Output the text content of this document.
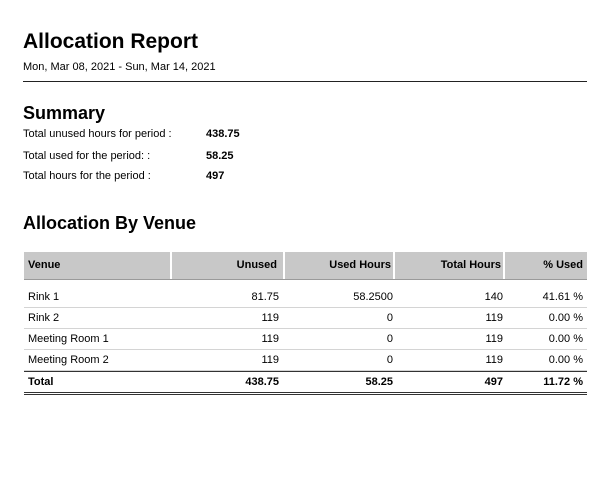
Allocation Report
Mon, Mar 08, 2021 - Sun, Mar 14, 2021
Summary
Total unused hours for period :	438.75
Total used for the period: :	58.25
Total hours for the period :	497
Allocation By Venue
Venue	Unused	Used Hours	Total Hours	% Used
Rink 1	81.75	58.2500	140	41.61 %
Rink 2	119	0	119	0.00 %
Meeting Room 1	119	0	119	0.00 %
Meeting Room 2	119	0	119	0.00 %
Total	438.75	58.25	497	11.72 %
